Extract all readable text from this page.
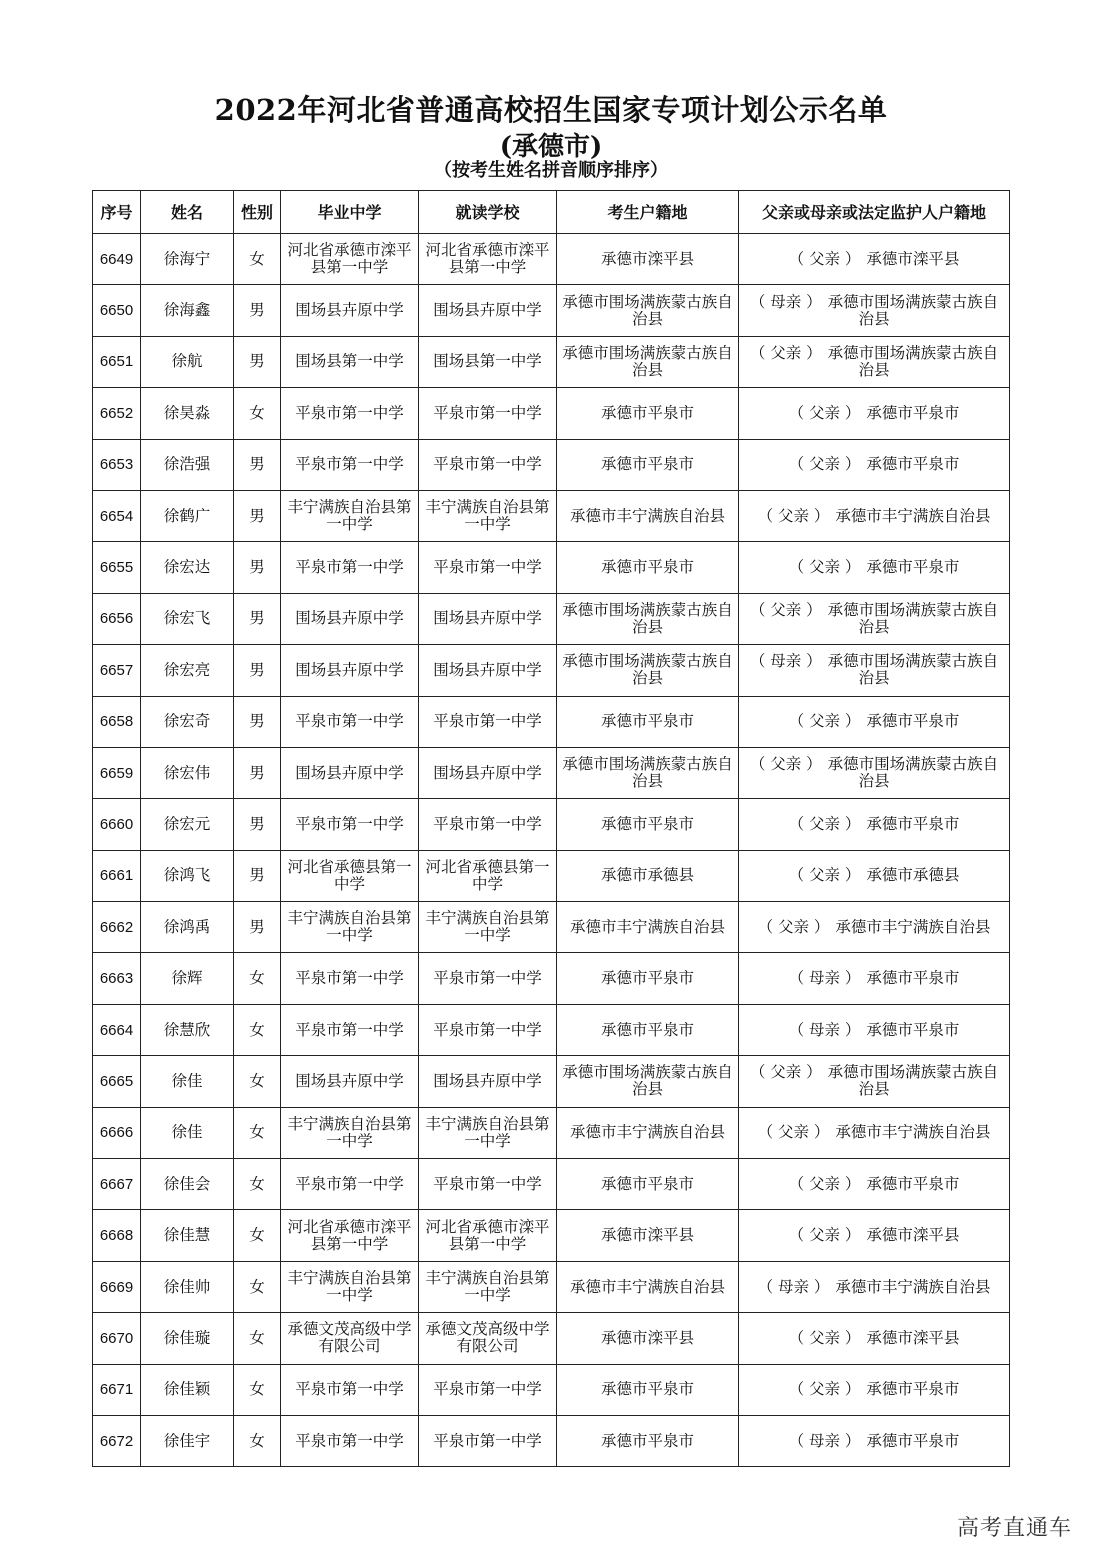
2022年河北省普通高校招生国家专项计划公示名单
(承德市)
（按考生姓名拼音顺序排序）
序号	姓名	性别	毕业中学	就读学校	考生户籍地	父亲或母亲或法定监护人户籍地
6649	徐海宁	女	河北省承德市滦平县第一中学	河北省承德市滦平县第一中学	承德市滦平县	（ 父亲 ） 承德市滦平县
6650	徐海鑫	男	围场县卉原中学	围场县卉原中学	承德市围场满族蒙古族自治县	（ 母亲 ） 承德市围场满族蒙古族自治县
6651	徐航	男	围场县第一中学	围场县第一中学	承德市围场满族蒙古族自治县	（ 父亲 ） 承德市围场满族蒙古族自治县
6652	徐昊淼	女	平泉市第一中学	平泉市第一中学	承德市平泉市	（ 父亲 ） 承德市平泉市
6653	徐浩强	男	平泉市第一中学	平泉市第一中学	承德市平泉市	（ 父亲 ） 承德市平泉市
6654	徐鹤广	男	丰宁满族自治县第一中学	丰宁满族自治县第一中学	承德市丰宁满族自治县	（ 父亲 ） 承德市丰宁满族自治县
6655	徐宏达	男	平泉市第一中学	平泉市第一中学	承德市平泉市	（ 父亲 ） 承德市平泉市
6656	徐宏飞	男	围场县卉原中学	围场县卉原中学	承德市围场满族蒙古族自治县	（ 父亲 ） 承德市围场满族蒙古族自治县
6657	徐宏亮	男	围场县卉原中学	围场县卉原中学	承德市围场满族蒙古族自治县	（ 母亲 ） 承德市围场满族蒙古族自治县
6658	徐宏奇	男	平泉市第一中学	平泉市第一中学	承德市平泉市	（ 父亲 ） 承德市平泉市
6659	徐宏伟	男	围场县卉原中学	围场县卉原中学	承德市围场满族蒙古族自治县	（ 父亲 ） 承德市围场满族蒙古族自治县
6660	徐宏元	男	平泉市第一中学	平泉市第一中学	承德市平泉市	（ 父亲 ） 承德市平泉市
6661	徐鸿飞	男	河北省承德县第一中学	河北省承德县第一中学	承德市承德县	（ 父亲 ） 承德市承德县
6662	徐鸿禹	男	丰宁满族自治县第一中学	丰宁满族自治县第一中学	承德市丰宁满族自治县	（ 父亲 ） 承德市丰宁满族自治县
6663	徐辉	女	平泉市第一中学	平泉市第一中学	承德市平泉市	（ 母亲 ） 承德市平泉市
6664	徐慧欣	女	平泉市第一中学	平泉市第一中学	承德市平泉市	（ 母亲 ） 承德市平泉市
6665	徐佳	女	围场县卉原中学	围场县卉原中学	承德市围场满族蒙古族自治县	（ 父亲 ） 承德市围场满族蒙古族自治县
6666	徐佳	女	丰宁满族自治县第一中学	丰宁满族自治县第一中学	承德市丰宁满族自治县	（ 父亲 ） 承德市丰宁满族自治县
6667	徐佳会	女	平泉市第一中学	平泉市第一中学	承德市平泉市	（ 父亲 ） 承德市平泉市
6668	徐佳慧	女	河北省承德市滦平县第一中学	河北省承德市滦平县第一中学	承德市滦平县	（ 父亲 ） 承德市滦平县
6669	徐佳帅	女	丰宁满族自治县第一中学	丰宁满族自治县第一中学	承德市丰宁满族自治县	（ 母亲 ） 承德市丰宁满族自治县
6670	徐佳璇	女	承德文茂高级中学有限公司	承德文茂高级中学有限公司	承德市滦平县	（ 父亲 ） 承德市滦平县
6671	徐佳颖	女	平泉市第一中学	平泉市第一中学	承德市平泉市	（ 父亲 ） 承德市平泉市
6672	徐佳宇	女	平泉市第一中学	平泉市第一中学	承德市平泉市	（ 母亲 ） 承德市平泉市
高考直通车
